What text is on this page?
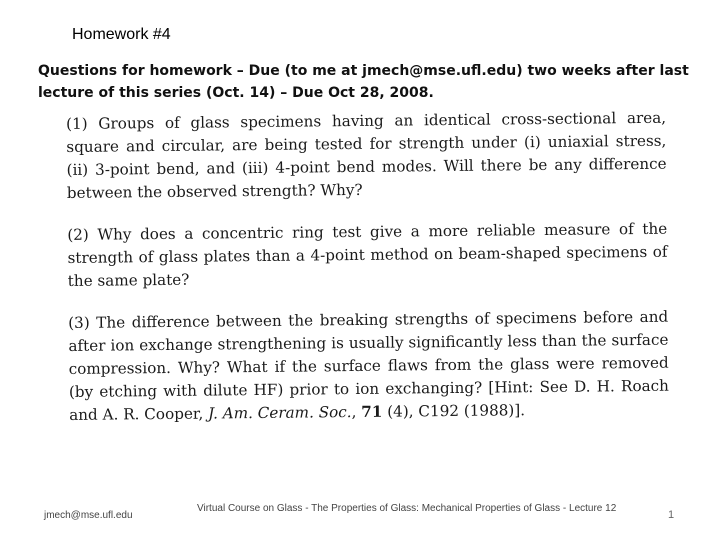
Homework #4
Questions for homework – Due (to me at jmech@mse.ufl.edu) two weeks after last lecture of this series (Oct. 14) – Due Oct 28, 2008.

(1) Groups of glass specimens having an identical cross-sectional area, square and circular, are being tested for strength under (i) uniaxial stress, (ii) 3-point bend, and (iii) 4-point bend modes. Will there be any difference between the observed strength? Why?

(2) Why does a concentric ring test give a more reliable measure of the strength of glass plates than a 4-point method on beam-shaped specimens of the same plate?

(3) The difference between the breaking strengths of specimens before and after ion exchange strengthening is usually significantly less than the surface compression. Why? What if the surface flaws from the glass were removed (by etching with dilute HF) prior to ion exchanging? [Hint: See D. H. Roach and A. R. Cooper, J. Am. Ceram. Soc., 71 (4), C192 (1988)].

jmech@mse.ufl.edu
Virtual Course on Glass - The Properties of Glass: Mechanical Properties of Glass - Lecture 12
1
